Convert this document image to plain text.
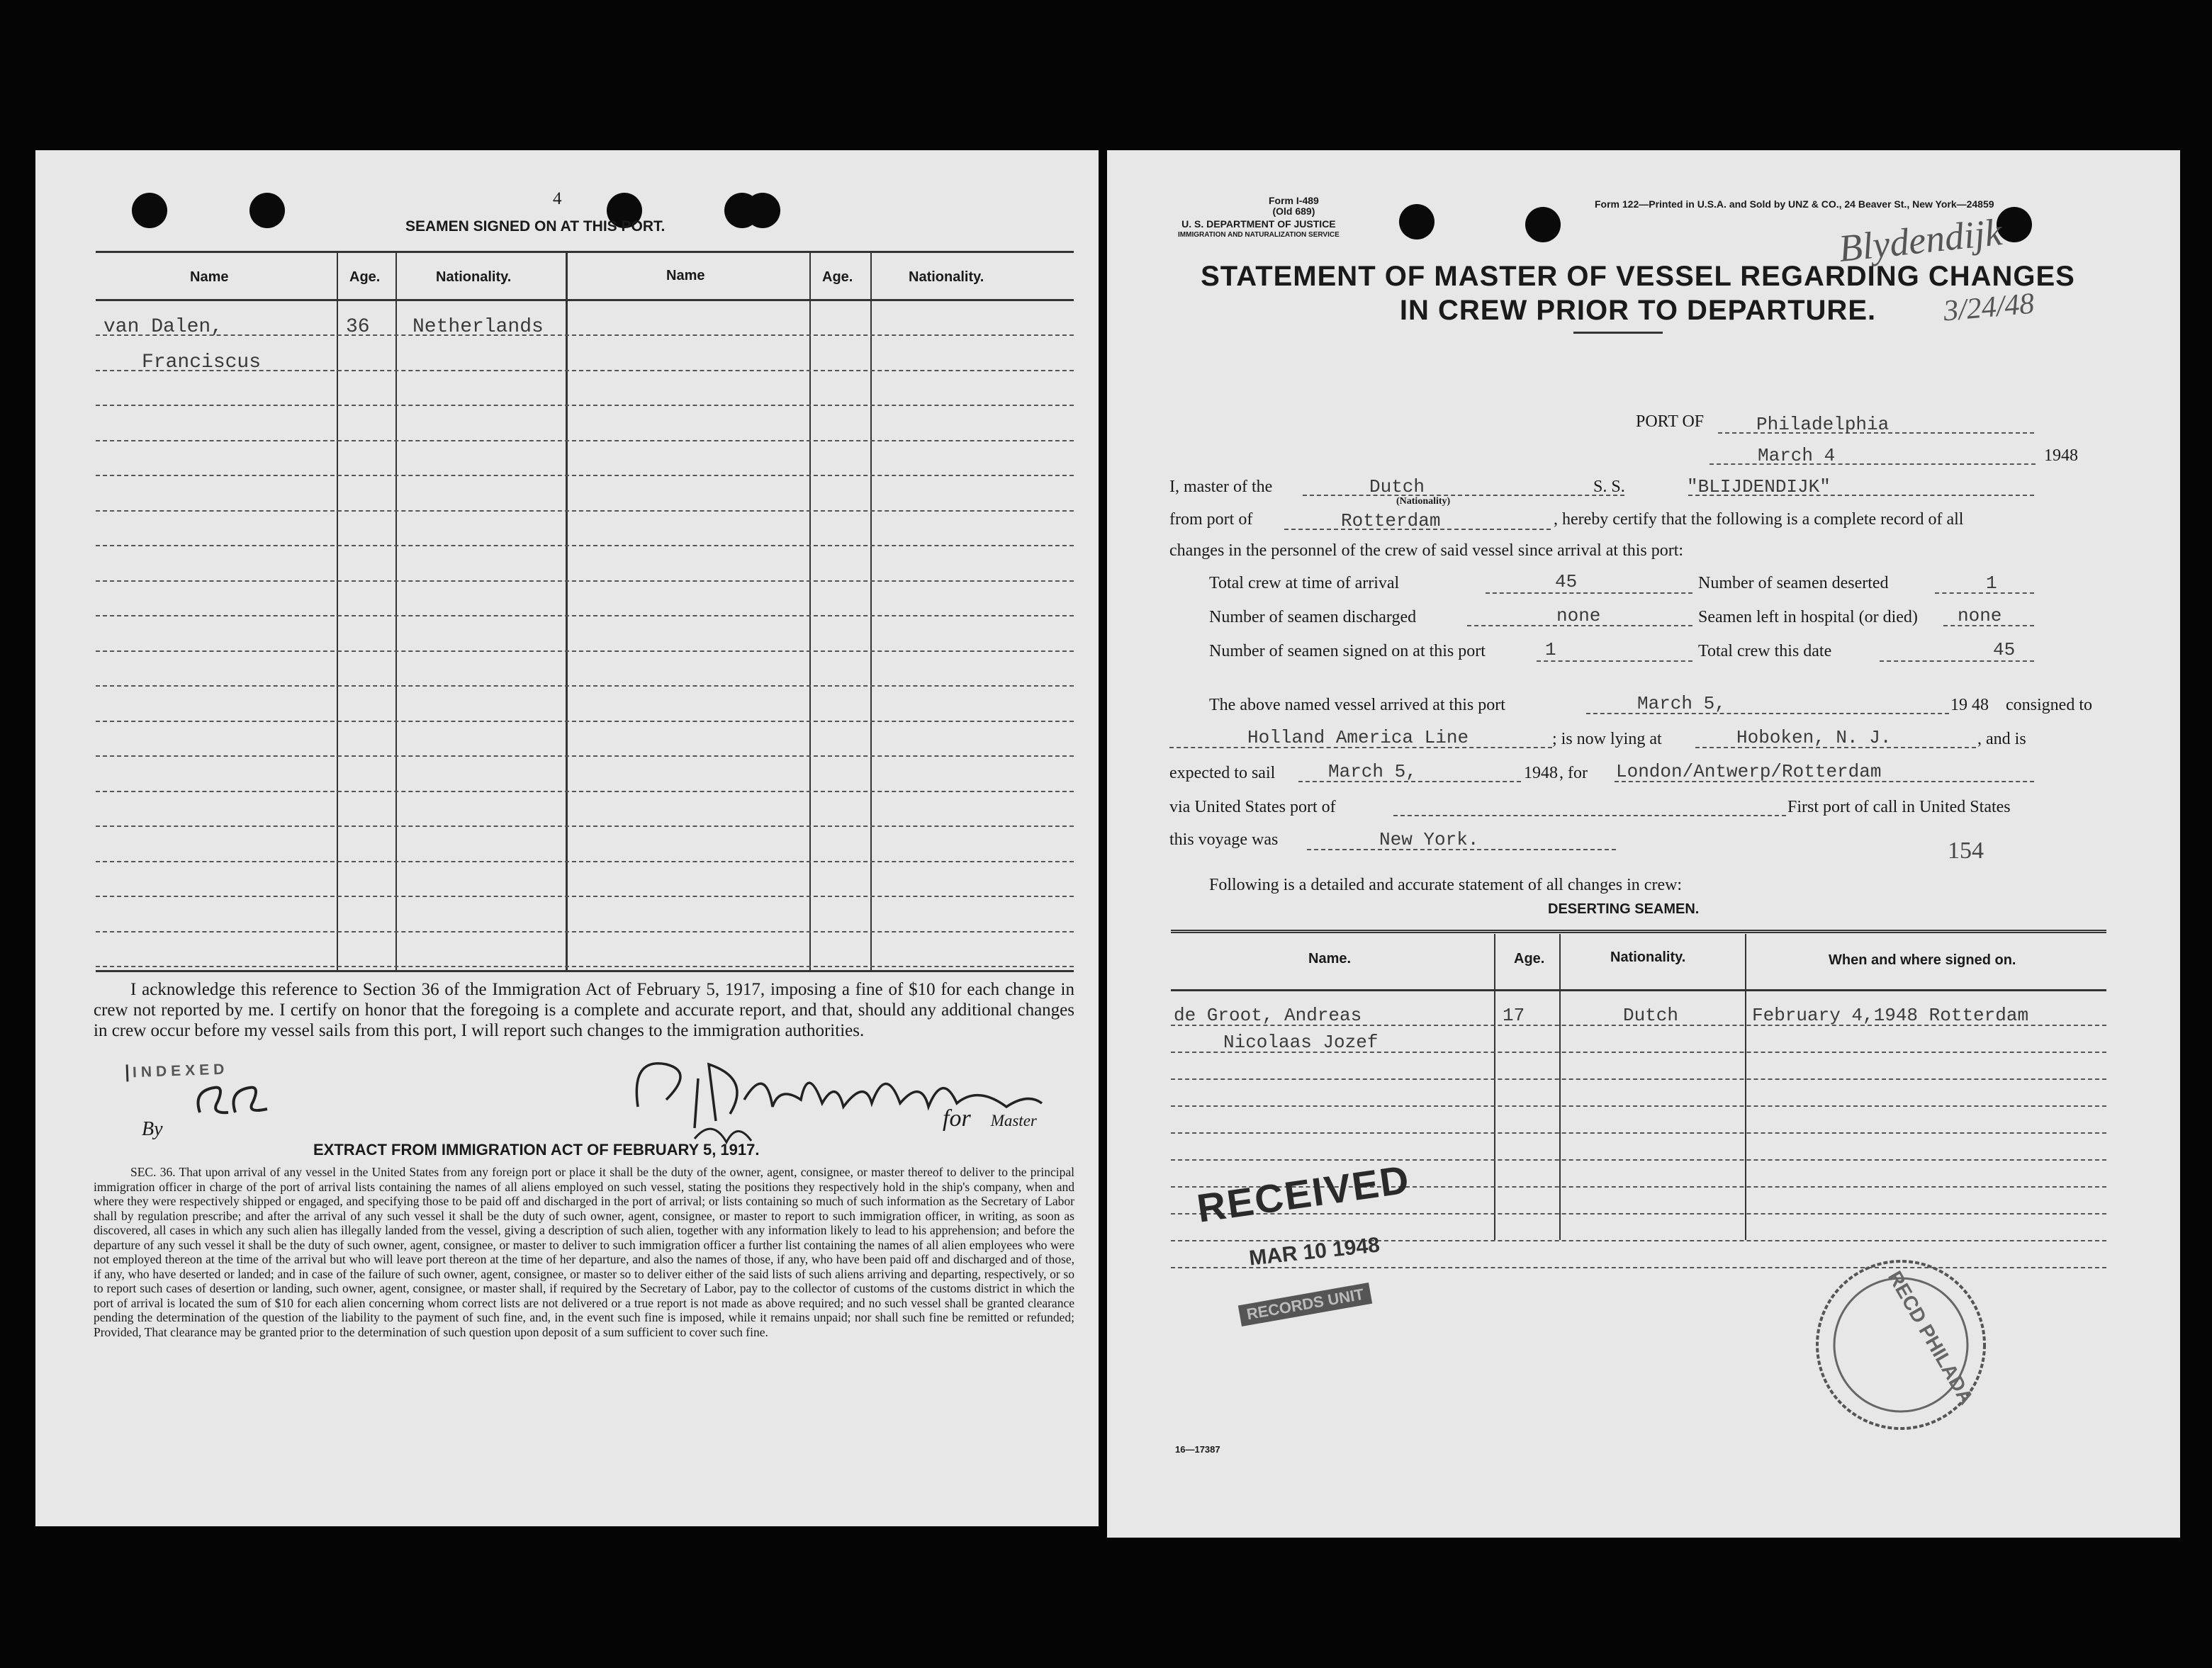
4
SEAMEN SIGNED ON AT THIS PORT.
Name	Age.	Nationality.	Name	Age.	Nationality.
van Dalen,
Franciscus
36 Netherlands
I acknowledge this reference to Section 36 of the Immigration Act of February 5, 1917, imposing a fine of $10 for each change in crew not reported by me. I certify on honor that the foregoing is a complete and accurate report, and that, should any additional changes in crew occur before my vessel sails from this port, I will report such changes to the immigration authorities.
INDEXED
By	for Master
EXTRACT FROM IMMIGRATION ACT OF FEBRUARY 5, 1917.
SEC. 36. That upon arrival of any vessel in the United States from any foreign port or place it shall be the duty of the owner, agent, consignee, or master thereof to deliver to the principal immigration officer in charge of the port of arrival lists containing the names of all aliens employed on such vessel, stating the positions they respectively hold in the ship's company, when and where they were respectively shipped or engaged, and specifying those to be paid off and discharged in the port of arrival; or lists containing so much of such information as the Secretary of Labor shall by regulation prescribe; and after the arrival of any such vessel it shall be the duty of such owner, agent, consignee, or master to report to such immigration officer, in writing, as soon as discovered, all cases in which any such alien has illegally landed from the vessel, giving a description of such alien, together with any information likely to lead to his apprehension; and before the departure of any such vessel it shall be the duty of such owner, agent, consignee, or master to deliver to such immigration officer a further list containing the names of all alien employees who were not employed thereon at the time of the arrival but who will leave port thereon at the time of her departure, and also the names of those, if any, who have been paid off and discharged and of those, if any, who have deserted or landed; and in case of the failure of such owner, agent, consignee, or master so to deliver either of the said lists of such aliens arriving and departing, respectively, or so to report such cases of desertion or landing, such owner, agent, consignee, or master shall, if required by the Secretary of Labor, pay to the collector of customs of the customs district in which the port of arrival is located the sum of $10 for each alien concerning whom correct lists are not delivered or a true report is not made as above required; and no such vessel shall be granted clearance pending the determination of the question of the liability to the payment of such fine, and, in the event such fine is imposed, while it remains unpaid; nor shall such fine be remitted or refunded; Provided, That clearance may be granted prior to the determination of such question upon deposit of a sum sufficient to cover such fine.
Form I-489
(Old 689)
U. S. DEPARTMENT OF JUSTICE
IMMIGRATION AND NATURALIZATION SERVICE
Form 122—Printed in U.S.A. and Sold by UNZ & CO., 24 Beaver St., New York—24859
Blydendijk
3/24/48
STATEMENT OF MASTER OF VESSEL REGARDING CHANGES
IN CREW PRIOR TO DEPARTURE.
PORT OF	Philadelphia
March 4	1948
I, master of the	Dutch
(Nationality)
S. S.	"BLIJDENDIJK"
from port of	Rotterdam	, hereby certify that the following is a complete record of all
changes in the personnel of the crew of said vessel since arrival at this port:
Total crew at time of arrival	45	Number of seamen deserted	1
Number of seamen discharged	none	Seamen left in hospital (or died) none
Number of seamen signed on at this port	1	Total crew this date	45
The above named vessel arrived at this port	March 5,	19 48 consigned to
Holland America Line	; is now lying at	Hoboken, N. J.	, and is
expected to sail	March 5,	1948 , for London/Antwerp/Rotterdam
via United States port of	First port of call in United States
this voyage was	New York.	154
Following is a detailed and accurate statement of all changes in crew:
DESERTING SEAMEN.
Name.	Age.	Nationality.	When and where signed on.
de Groot, Andreas
Nicolaas Jozef
17	Dutch	February 4,1948 Rotterdam
RECEIVED
MAR 10 1948
RECORDS UNIT	RECD PHILADA
16—17387
